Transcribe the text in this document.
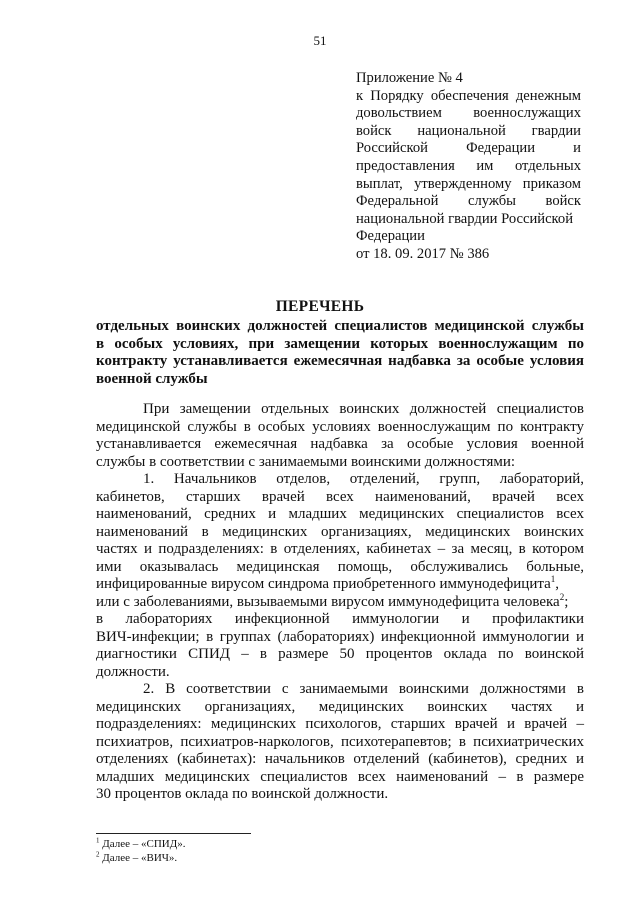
51
Приложение № 4
к Порядку обеспечения денежным
довольствием военнослужащих
войск национальной гвардии
Российской Федерации и
предоставления им отдельных
выплат, утвержденному приказом
Федеральной службы войск
национальной гвардии Российской
Федерации
от 18. 09. 2017 № 386
ПЕРЕЧЕНЬ
отдельных воинских должностей специалистов медицинской службы
в особых условиях, при замещении которых военнослужащим по
контракту устанавливается ежемесячная надбавка за особые условия
военной службы
При замещении отдельных воинских должностей специалистов
медицинской службы в особых условиях военнослужащим по контракту
устанавливается ежемесячная надбавка за особые условия военной
службы в соответствии с занимаемыми воинскими должностями:
1. Начальников отделов, отделений, групп, лабораторий,
кабинетов, старших врачей всех наименований, врачей всех
наименований, средних и младших медицинских специалистов всех
наименований в медицинских организациях, медицинских воинских
частях и подразделениях: в отделениях, кабинетах – за месяц, в котором
ими оказывалась медицинская помощь, обслуживались больные,
инфицированные вирусом синдрома приобретенного иммунодефицита$^1$,
или с заболеваниями, вызываемыми вирусом иммунодефицита человека$^2$;
в лабораториях инфекционной иммунологии и профилактики
ВИЧ-инфекции; в группах (лабораториях) инфекционной иммунологии и
диагностики СПИД – в размере 50 процентов оклада по воинской
должности.
2. В соответствии с занимаемыми воинскими должностями в
медицинских организациях, медицинских воинских частях и
подразделениях: медицинских психологов, старших врачей и врачей –
психиатров, психиатров-наркологов, психотерапевтов; в психиатрических
отделениях (кабинетах): начальников отделений (кабинетов), средних и
младших медицинских специалистов всех наименований – в размере
30 процентов оклада по воинской должности.
$^1$ Далее – «СПИД».
$^2$ Далее – «ВИЧ».
